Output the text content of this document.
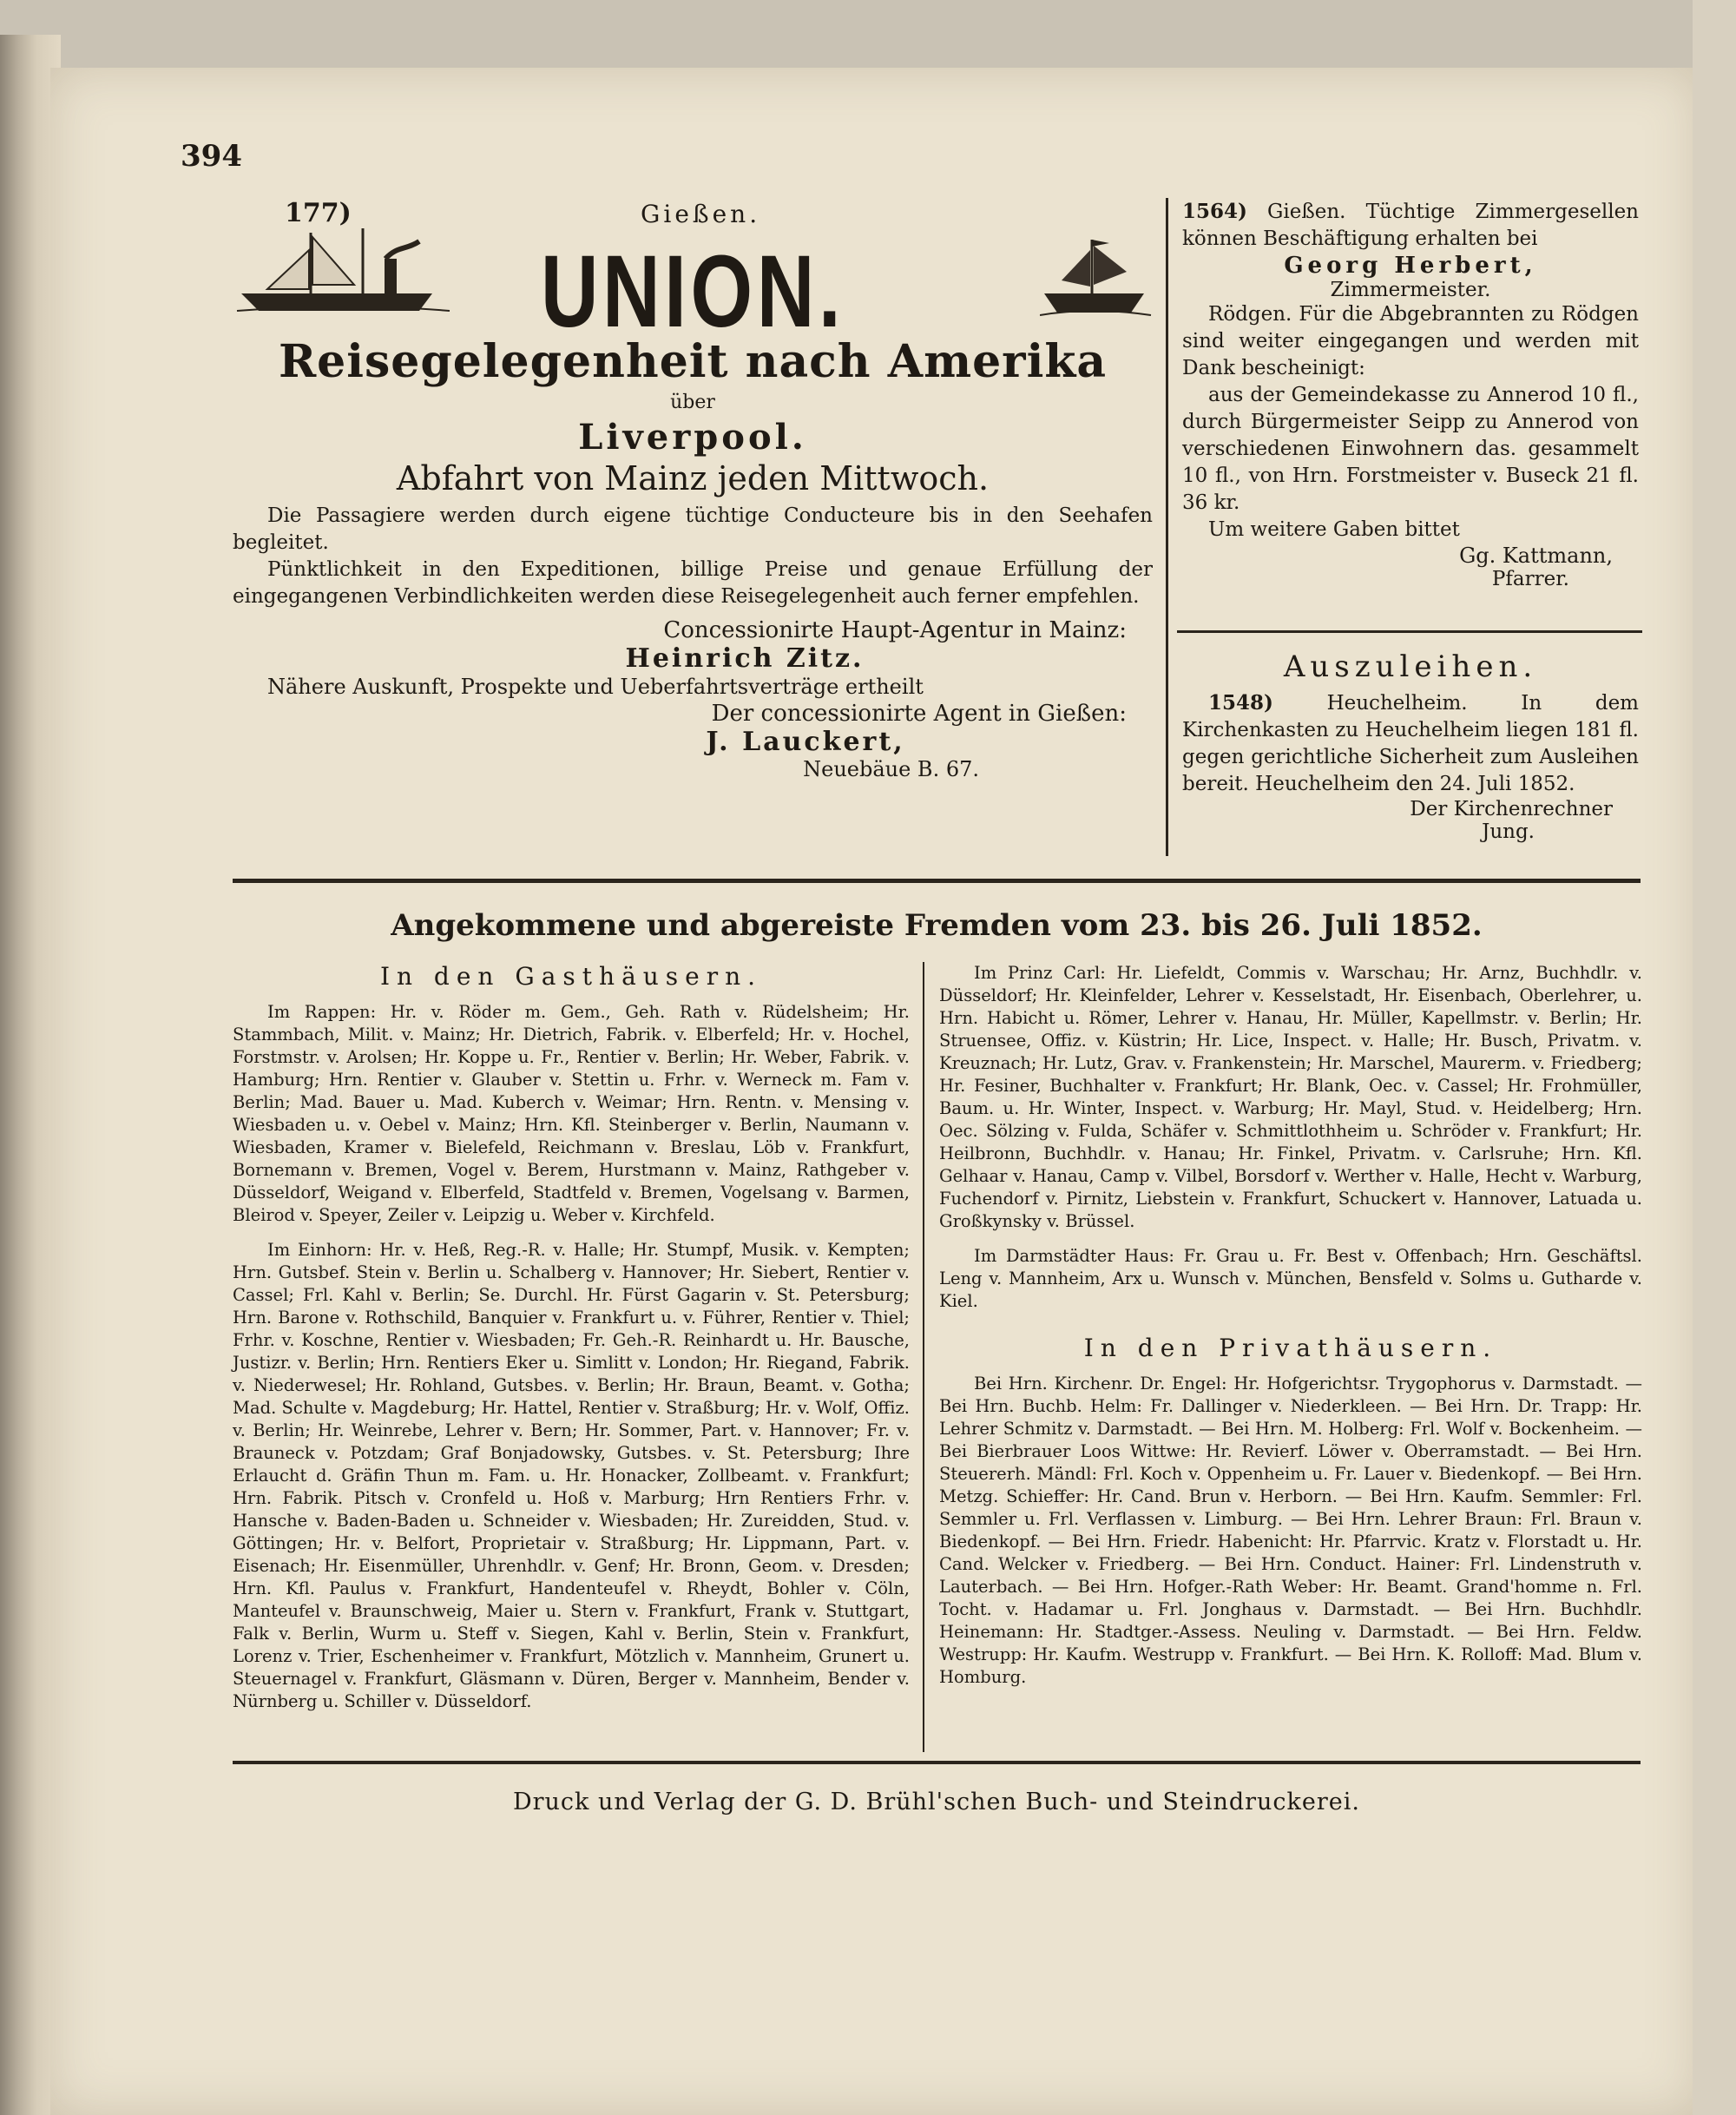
394
177)	Gießen.
UNION.
Reisegelegenheit nach Amerika
über
Liverpool.
Abfahrt von Mainz jeden Mittwoch.
Die Passagiere werden durch eigene tüchtige Conducteure bis in den Seehafen begleitet.
Pünktlichkeit in den Expeditionen, billige Preise und genaue Erfüllung der eingegangenen Verbindlichkeiten werden diese Reisegelegenheit auch ferner empfehlen.
Concessionirte Haupt-Agentur in Mainz:
Heinrich Zitz.
Nähere Auskunft, Prospekte und Ueberfahrtsverträge ertheilt
Der concessionirte Agent in Gießen:
J. Lauckert,
Neuebäue B. 67.
1564) Gießen. Tüchtige Zimmergesellen können Beschäftigung erhalten bei
Georg Herbert,
Zimmermeister.
Rödgen. Für die Abgebrannten zu Rödgen sind weiter eingegangen und werden mit Dank bescheinigt:
aus der Gemeindekasse zu Annerod 10 fl., durch Bürgermeister Seipp zu Annerod von verschiedenen Einwohnern das. gesammelt 10 fl., von Hrn. Forstmeister v. Buseck 21 fl. 36 kr.
Um weitere Gaben bittet
Gg. Kattmann,
Pfarrer.
Auszuleihen.
1548)	Heuchelheim. In dem Kirchenkasten zu Heuchelheim liegen 181 fl. gegen gerichtliche Sicherheit zum Ausleihen bereit. Heuchelheim den 24. Juli 1852.
Der Kirchenrechner
Jung.
Angekommene und abgereiste Fremden vom 23. bis 26. Juli 1852.
In den Gasthäusern.

Im Rappen: Hr. v. Röder m. Gem., Geh. Rath v. Rüdelsheim; Hr. Stammbach, Milit. v. Mainz; Hr. Dietrich, Fabrik. v. Elberfeld; Hr. v. Hochel, Forstmstr. v. Arolsen; Hr. Koppe u. Fr., Rentier v. Berlin; Hr. Weber, Fabrik. v. Hamburg; Hrn. Rentier v. Glauber v. Stettin u. Frhr. v. Werneck m. Fam v. Berlin; Mad. Bauer u. Mad. Kuberch v. Weimar; Hrn. Rentn. v. Mensing v. Wiesbaden u. v. Oebel v. Mainz; Hrn. Kfl. Steinberger v. Berlin, Naumann v. Wiesbaden, Kramer v. Bielefeld, Reichmann v. Breslau, Löb v. Frankfurt, Bornemann v. Bremen, Vogel v. Berem, Hurstmann v. Mainz, Rathgeber v. Düsseldorf, Weigand v. Elberfeld, Stadtfeld v. Bremen, Vogelsang v. Barmen, Bleirod v. Speyer, Zeiler v. Leipzig u. Weber v. Kirchfeld.

Im Einhorn: Hr. v. Heß, Reg.-R. v. Halle; Hr. Stumpf, Musik. v. Kempten; Hrn. Gutsbef. Stein v. Berlin u. Schalberg v. Hannover; Hr. Siebert, Rentier v. Cassel; Frl. Kahl v. Berlin; Se. Durchl. Hr. Fürst Gagarin v. St. Petersburg; Hrn. Barone v. Rothschild, Banquier v. Frankfurt u. v. Führer, Rentier v. Thiel; Frhr. v. Koschne, Rentier v. Wiesbaden; Fr. Geh.-R. Reinhardt u. Hr. Bausche, Justizr. v. Berlin; Hrn. Rentiers Eker u. Simlitt v. London; Hr. Riegand, Fabrik. v. Niederwesel; Hr. Rohland, Gutsbes. v. Berlin; Hr. Braun, Beamt. v. Gotha; Mad. Schulte v. Magdeburg; Hr. Hattel, Rentier v. Straßburg; Hr. v. Wolf, Offiz. v. Berlin; Hr. Weinrebe, Lehrer v. Bern; Hr. Sommer, Part. v. Hannover; Fr. v. Brauneck v. Potzdam; Graf Bonjadowsky, Gutsbes. v. St. Petersburg; Ihre Erlaucht d. Gräfin Thun m. Fam. u. Hr. Honacker, Zollbeamt. v. Frankfurt; Hrn. Fabrik. Pitsch v. Cronfeld u. Hoß v. Marburg; Hrn Rentiers Frhr. v. Hansche v. Baden-Baden u. Schneider v. Wiesbaden; Hr. Zureidden, Stud. v. Göttingen; Hr. v. Belfort, Proprietair v. Straßburg; Hr. Lippmann, Part. v. Eisenach; Hr. Eisenmüller, Uhrenhdlr. v. Genf; Hr. Bronn, Geom. v. Dresden; Hrn. Kfl. Paulus v. Frankfurt, Handenteufel v. Rheydt, Bohler v. Cöln, Manteufel v. Braunschweig, Maier u. Stern v. Frankfurt, Frank v. Stuttgart, Falk v. Berlin, Wurm u. Steff v. Siegen, Kahl v. Berlin, Stein v. Frankfurt, Lorenz v. Trier, Eschenheimer v. Frankfurt, Mötzlich v. Mannheim, Grunert u. Steuernagel v. Frankfurt, Gläsmann v. Düren, Berger v. Mannheim, Bender v. Nürnberg u. Schiller v. Düsseldorf.

Im Prinz Carl: Hr. Liefeldt, Commis v. Warschau; Hr. Arnz, Buchhdlr. v. Düsseldorf; Hr. Kleinfelder, Lehrer v. Kesselstadt, Hr. Eisenbach, Oberlehrer, u. Hrn. Habicht u. Römer, Lehrer v. Hanau, Hr. Müller, Kapellmstr. v. Berlin; Hr. Struensee, Offiz. v. Küstrin; Hr. Lice, Inspect. v. Halle; Hr. Busch, Privatm. v. Kreuznach; Hr. Lutz, Grav. v. Frankenstein; Hr. Marschel, Maurerm. v. Friedberg; Hr. Fesiner, Buchhalter v. Frankfurt; Hr. Blank, Oec. v. Cassel; Hr. Frohmüller, Baum. u. Hr. Winter, Inspect. v. Warburg; Hr. Mayl, Stud. v. Heidelberg; Hrn. Oec. Sölzing v. Fulda, Schäfer v. Schmittlothheim u. Schröder v. Frankfurt; Hr. Heilbronn, Buchhdlr. v. Hanau; Hr. Finkel, Privatm. v. Carlsruhe; Hrn. Kfl. Gelhaar v. Hanau, Camp v. Vilbel, Borsdorf v. Werther v. Halle, Hecht v. Warburg, Fuchendorf v. Pirnitz, Liebstein v. Frankfurt, Schuckert v. Hannover, Latuada u. Großkynsky v. Brüssel.

Im Darmstädter Haus: Fr. Grau u. Fr. Best v. Offenbach; Hrn. Geschäftsl. Leng v. Mannheim, Arx u. Wunsch v. München, Bensfeld v. Solms u. Gutharde v. Kiel.

In den Privathäusern.

Bei Hrn. Kirchenr. Dr. Engel: Hr. Hofgerichtsr. Trygophorus v. Darmstadt. — Bei Hrn. Buchb. Helm: Fr. Dallinger v. Niederkleen. — Bei Hrn. Dr. Trapp: Hr. Lehrer Schmitz v. Darmstadt. — Bei Hrn. M. Holberg: Frl. Wolf v. Bockenheim. — Bei Bierbrauer Loos Wittwe: Hr. Revierf. Löwer v. Oberramstadt. — Bei Hrn. Steuererh. Mändl: Frl. Koch v. Oppenheim u. Fr. Lauer v. Biedenkopf. — Bei Hrn. Metzg. Schieffer: Hr. Cand. Brun v. Herborn. — Bei Hrn. Kaufm. Semmler: Frl. Semmler u. Frl. Verflassen v. Limburg. — Bei Hrn. Lehrer Braun: Frl. Braun v. Biedenkopf. — Bei Hrn. Friedr. Habenicht: Hr. Pfarrvic. Kratz v. Florstadt u. Hr. Cand. Welcker v. Friedberg. — Bei Hrn. Conduct. Hainer: Frl. Lindenstruth v. Lauterbach. — Bei Hrn. Hofger.-Rath Weber: Hr. Beamt. Grand'homme n. Frl. Tocht. v. Hadamar u. Frl. Jonghaus v. Darmstadt. — Bei Hrn. Buchhdlr. Heinemann: Hr. Stadtger.-Assess. Neuling v. Darmstadt. — Bei Hrn. Feldw. Westrupp: Hr. Kaufm. Westrupp v. Frankfurt. — Bei Hrn. K. Rolloff: Mad. Blum v. Homburg.

Druck und Verlag der G. D. Brühl'schen Buch- und Steindruckerei.
